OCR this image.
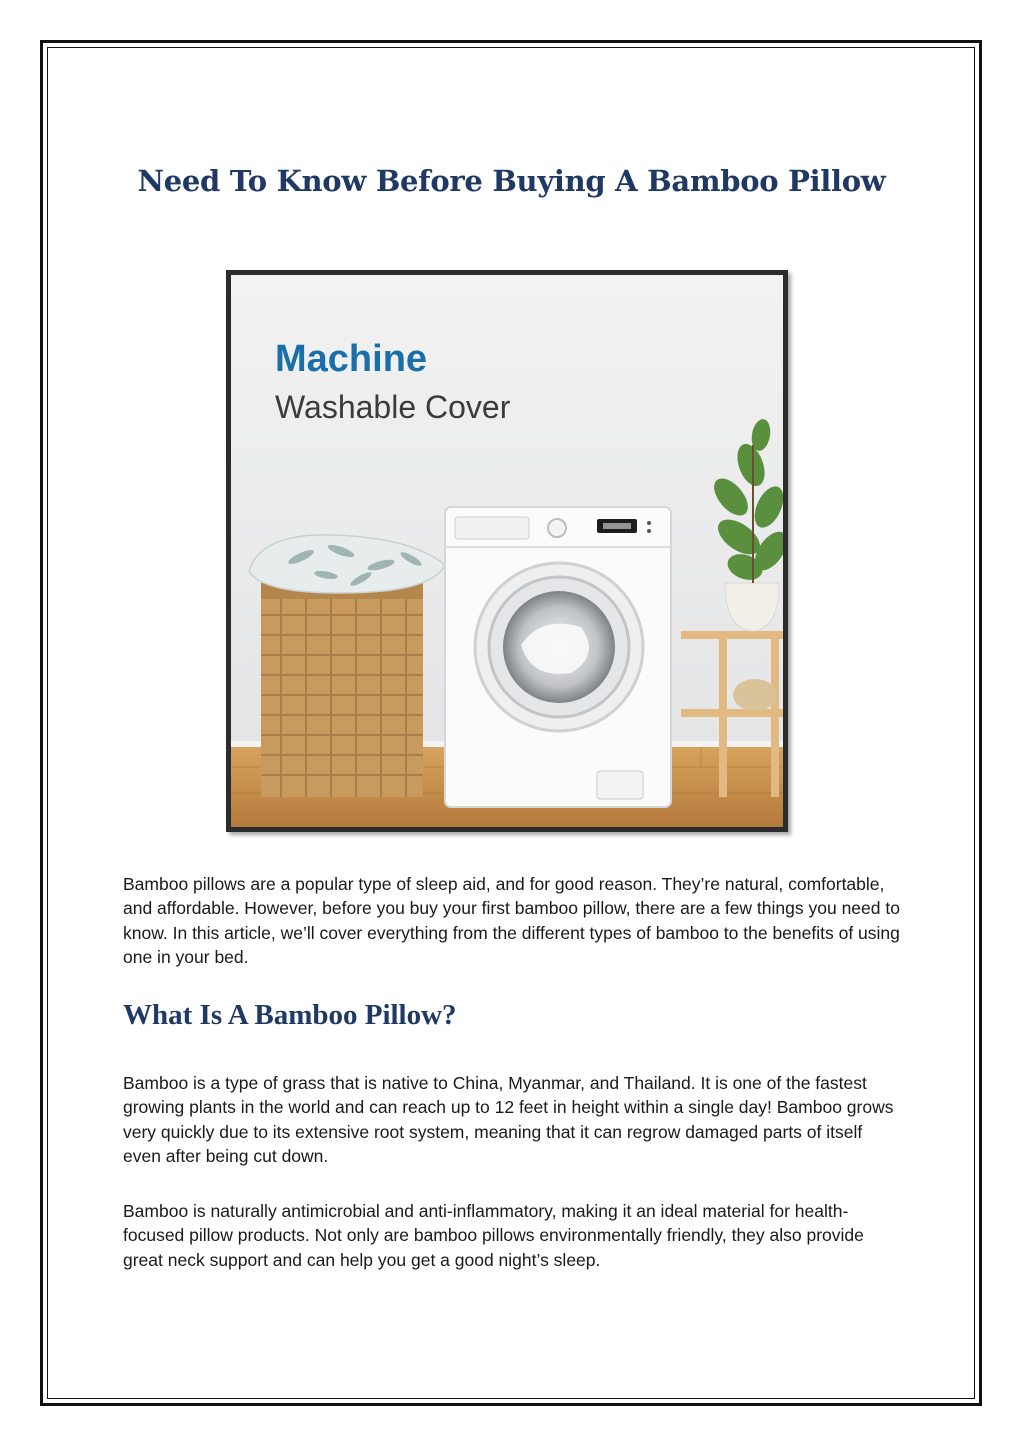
Need To Know Before Buying A Bamboo Pillow
Machine
Washable Cover

Bamboo pillows are a popular type of sleep aid, and for good reason. They’re natural, comfortable, and affordable. However, before you buy your first bamboo pillow, there are a few things you need to know. In this article, we’ll cover everything from the different types of bamboo to the benefits of using one in your bed.

What Is A Bamboo Pillow?

Bamboo is a type of grass that is native to China, Myanmar, and Thailand. It is one of the fastest growing plants in the world and can reach up to 12 feet in height within a single day! Bamboo grows very quickly due to its extensive root system, meaning that it can regrow damaged parts of itself even after being cut down.

Bamboo is naturally antimicrobial and anti-inflammatory, making it an ideal material for health-focused pillow products. Not only are bamboo pillows environmentally friendly, they also provide great neck support and can help you get a good night’s sleep.
